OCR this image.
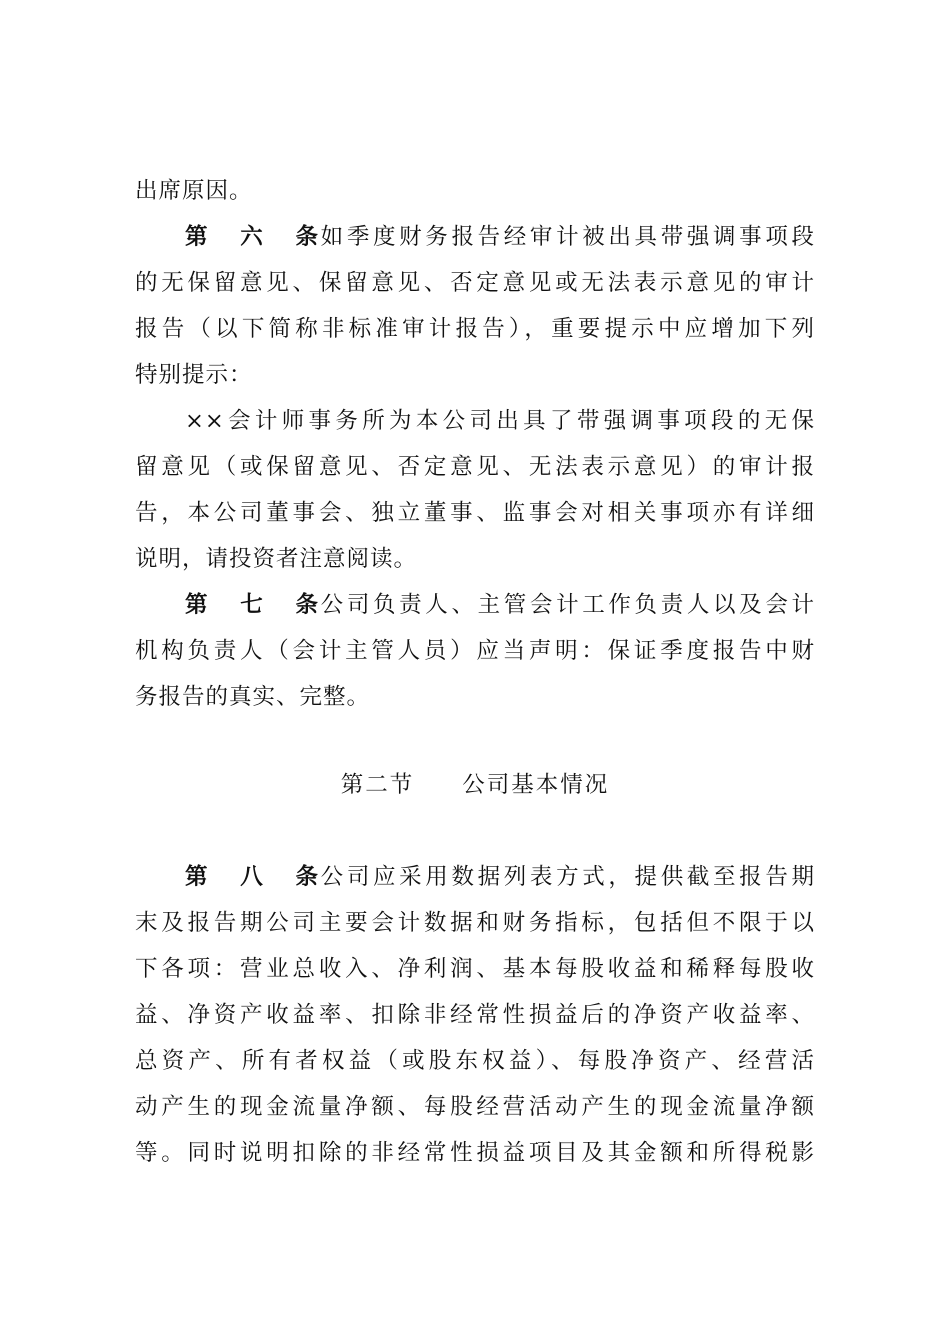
出席原因。
第六条如季度财务报告经审计被出具带强调事项段
的无保留意见、保留意见、否定意见或无法表示意见的审计
报告（以下简称非标准审计报告），重要提示中应增加下列
特别提示：
××会计师事务所为本公司出具了带强调事项段的无保
留意见（或保留意见、否定意见、无法表示意见）的审计报
告，本公司董事会、独立董事、监事会对相关事项亦有详细
说明，请投资者注意阅读。
第七条公司负责人、主管会计工作负责人以及会计
机构负责人（会计主管人员）应当声明：保证季度报告中财
务报告的真实、完整。
第二节 公司基本情况
第八条公司应采用数据列表方式，提供截至报告期
末及报告期公司主要会计数据和财务指标，包括但不限于以
下各项：营业总收入、净利润、基本每股收益和稀释每股收
益、净资产收益率、扣除非经常性损益后的净资产收益率、
总资产、所有者权益（或股东权益）、每股净资产、经营活
动产生的现金流量净额、每股经营活动产生的现金流量净额
等。同时说明扣除的非经常性损益项目及其金额和所得税影
